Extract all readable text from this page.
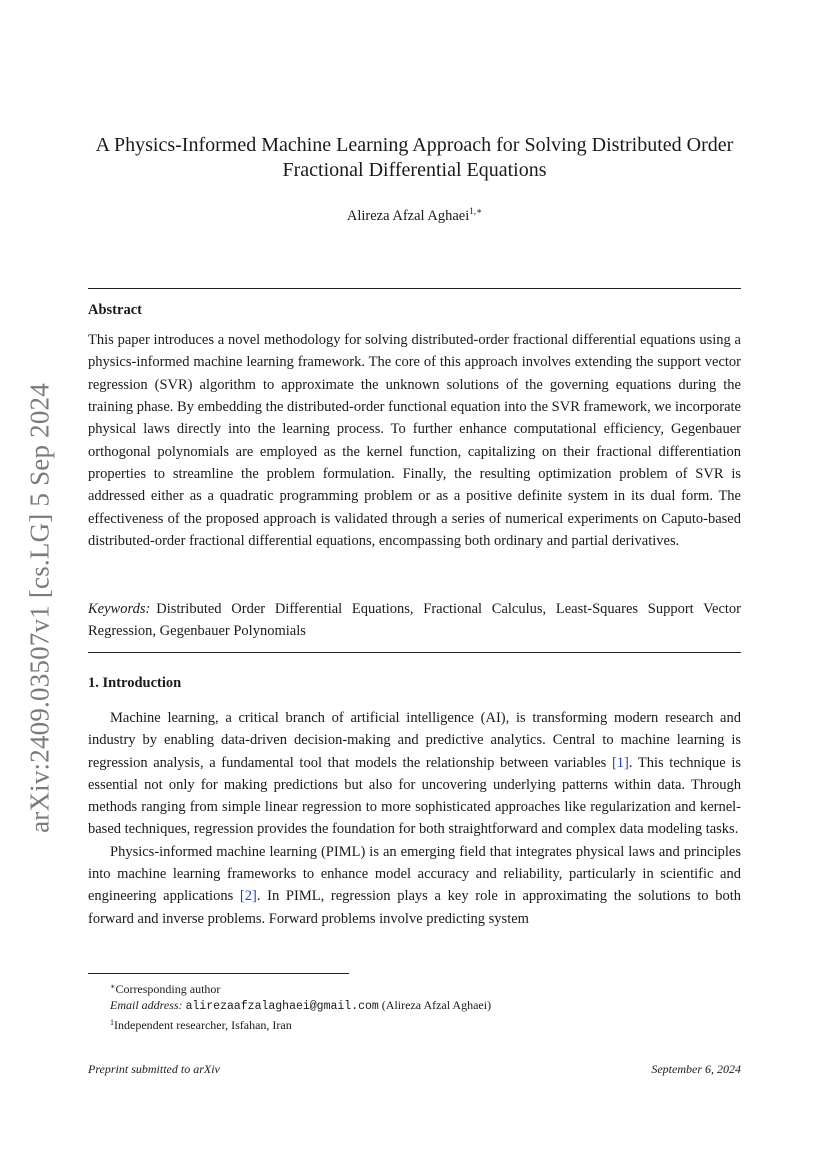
arXiv:2409.03507v1 [cs.LG] 5 Sep 2024
A Physics-Informed Machine Learning Approach for Solving Distributed Order Fractional Differential Equations
Alireza Afzal Aghaei$^{1,∗}$
Abstract

This paper introduces a novel methodology for solving distributed-order fractional differential equations using a physics-informed machine learning framework. The core of this approach involves extending the support vector regression (SVR) algorithm to approximate the unknown solutions of the governing equations during the training phase. By embedding the distributed-order functional equation into the SVR framework, we incorporate physical laws directly into the learning process. To further enhance computational efficiency, Gegenbauer orthogonal polynomials are employed as the kernel function, capitalizing on their fractional differentiation properties to streamline the problem formulation. Finally, the resulting optimization problem of SVR is addressed either as a quadratic programming problem or as a positive definite system in its dual form. The effectiveness of the proposed approach is validated through a series of numerical experiments on Caputo-based distributed-order fractional differential equations, encompassing both ordinary and partial derivatives.

Keywords: Distributed Order Differential Equations, Fractional Calculus, Least-Squares Support Vector Regression, Gegenbauer Polynomials

1. Introduction

Machine learning, a critical branch of artificial intelligence (AI), is transforming modern research and industry by enabling data-driven decision-making and predictive analytics. Central to machine learning is regression analysis, a fundamental tool that models the relationship between variables [1]. This technique is essential not only for making predictions but also for uncovering underlying patterns within data. Through methods ranging from simple linear regression to more sophisticated approaches like regularization and kernel-based techniques, regression provides the foundation for both straightforward and complex data modeling tasks.

Physics-informed machine learning (PIML) is an emerging field that integrates physical laws and principles into machine learning frameworks to enhance model accuracy and reliability, particularly in scientific and engineering applications [2]. In PIML, regression plays a key role in approximating the solutions to both forward and inverse problems. Forward problems involve predicting system

∗Corresponding author
Email address: alirezaafzalaghaei@gmail.com (Alireza Afzal Aghaei)
$^1$Independent researcher, Isfahan, Iran
Preprint submitted to arXiv	September 6, 2024
